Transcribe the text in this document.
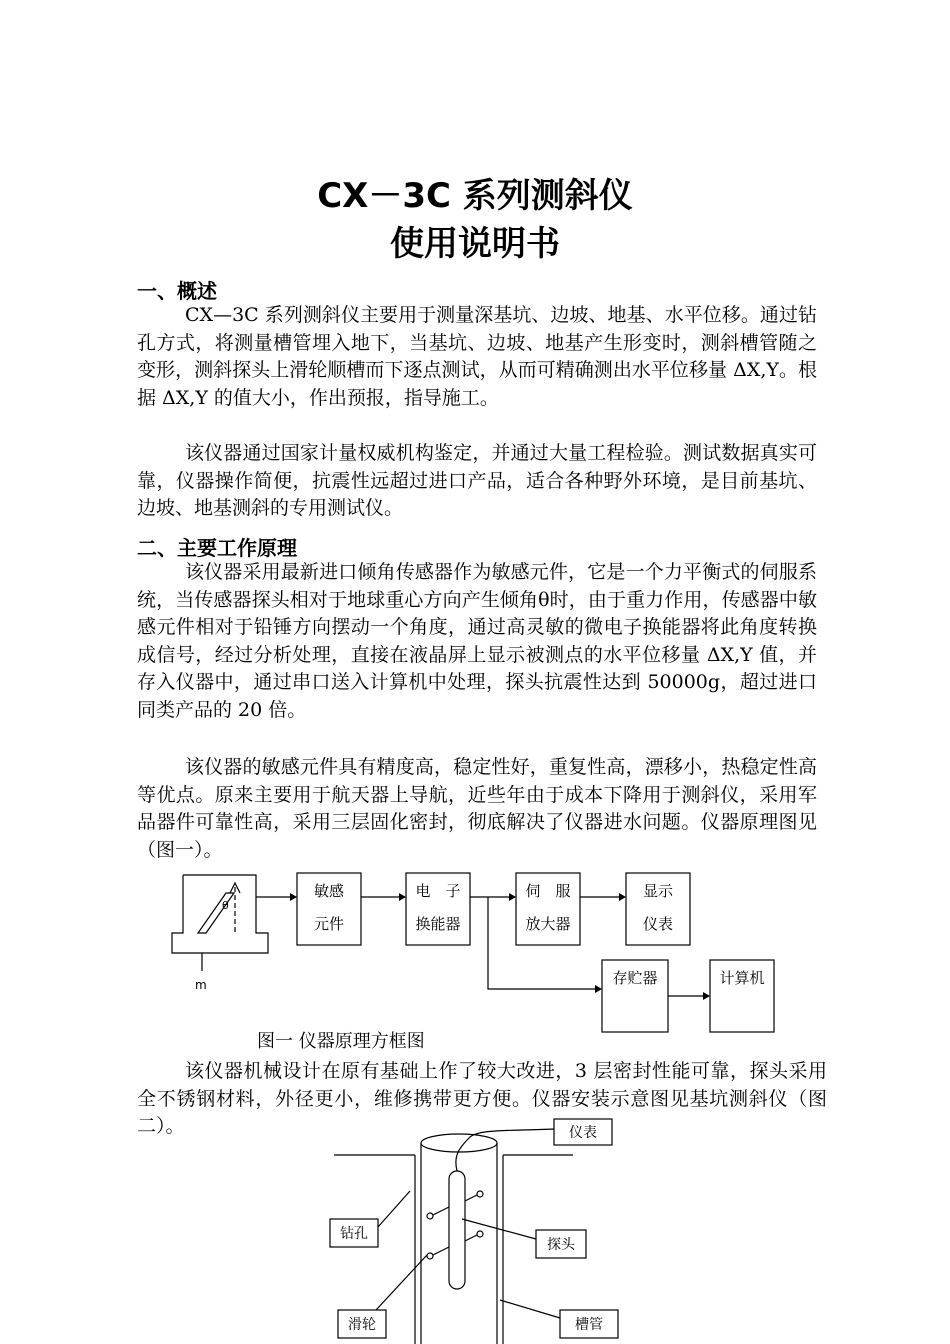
CX－3C 系列测斜仪
使用说明书
一、概述
CX—3C 系列测斜仪主要用于测量深基坑、边坡、地基、水平位移。通过钻孔方式，将测量槽管埋入地下，当基坑、边坡、地基产生形变时，测斜槽管随之变形，测斜探头上滑轮顺槽而下逐点测试，从而可精确测出水平位移量 ΔX,Y。根据 ΔX,Y 的值大小，作出预报，指导施工。
该仪器通过国家计量权威机构鉴定，并通过大量工程检验。测试数据真实可靠，仪器操作简便，抗震性远超过进口产品，适合各种野外环境，是目前基坑、边坡、地基测斜的专用测试仪。
二、主要工作原理
该仪器采用最新进口倾角传感器作为敏感元件，它是一个力平衡式的伺服系统，当传感器探头相对于地球重心方向产生倾角θ时，由于重力作用，传感器中敏感元件相对于铅锤方向摆动一个角度，通过高灵敏的微电子换能器将此角度转换成信号，经过分析处理，直接在液晶屏上显示被测点的水平位移量 ΔX,Y 值，并存入仪器中，通过串口送入计算机中处理，探头抗震性达到 50000g，超过进口同类产品的 20 倍。
该仪器的敏感元件具有精度高，稳定性好，重复性高，漂移小，热稳定性高等优点。原来主要用于航天器上导航，近些年由于成本下降用于测斜仪，采用军品器件可靠性高，采用三层固化密封，彻底解决了仪器进水问题。仪器原理图见（图一）。
θ
m
敏感
元件
电　子
换能器
伺　服
放大器
显示
仪表
存贮器	计算机
图一 仪器原理方框图
该仪器机械设计在原有基础上作了较大改进，3 层密封性能可靠，探头采用全不锈钢材料，外径更小，维修携带更方便。仪器安装示意图见基坑测斜仪（图二）。	仪表
钻孔
探头
滑轮	槽管
